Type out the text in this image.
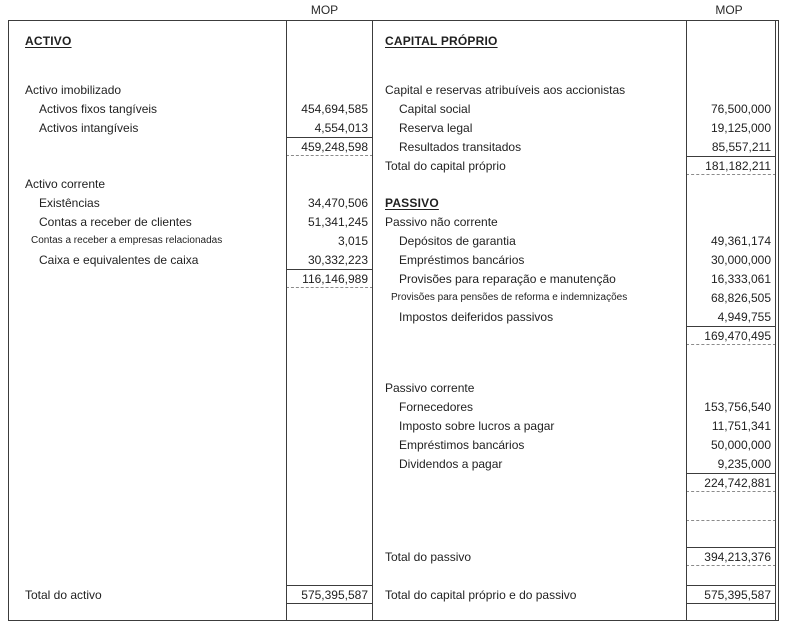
MOP	MOP
ACTIVO
Activo imobilizado
Activos fixos tangíveis	454,694,585
Activos intangíveis	4,554,013
459,248,598
Activo corrente
Existências	34,470,506
Contas a receber de clientes	51,341,245
Contas a receber a empresas relacionadas	3,015
Caixa e equivalentes de caixa	30,332,223
116,146,989
Total do activo	575,395,587
CAPITAL PRÓPRIO
Capital e reservas atribuíveis aos accionistas
Capital social	76,500,000
Reserva legal	19,125,000
Resultados transitados	85,557,211
Total do capital próprio	181,182,211
PASSIVO
Passivo não corrente
Depósitos de garantia	49,361,174
Empréstimos bancários	30,000,000
Provisões para reparação e manutenção	16,333,061
Provisões para pensões de reforma e indemnizações	68,826,505
Impostos deiferidos passivos	4,949,755
169,470,495
Passivo corrente
Fornecedores	153,756,540
Imposto sobre lucros a pagar	11,751,341
Empréstimos bancários	50,000,000
Dividendos a pagar	9,235,000
224,742,881
Total do passivo	394,213,376
Total do capital próprio e do passivo	575,395,587
